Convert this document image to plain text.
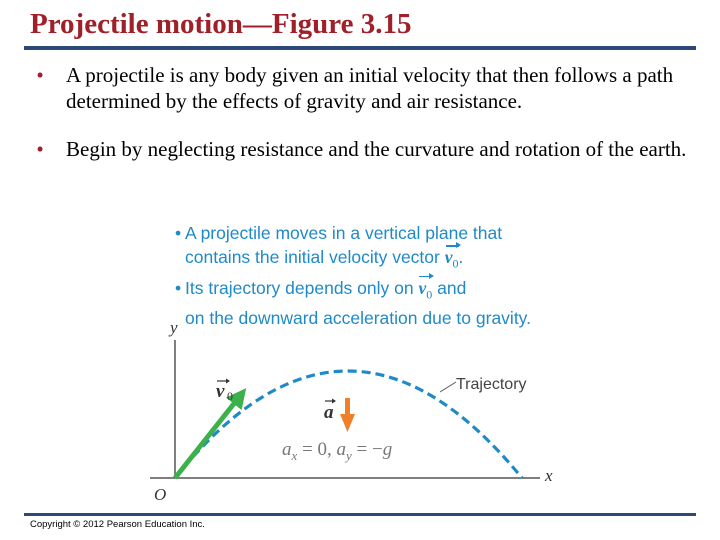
Projectile motion—Figure 3.15
•	A projectile is any body given an initial velocity that then follows a path determined by the effects of gravity and air resistance.
•	Begin by neglecting resistance and the curvature and rotation of the earth.
• A projectile moves in a vertical plane that
contains the initial velocity vector $v_0$.
• Its trajectory depends only on $v_0$ and
on the downward acceleration due to gravity.
y
x
O
Trajectory
v 0
a
$a_x = 0$, $a_y = -g$
Copyright © 2012 Pearson Education Inc.
